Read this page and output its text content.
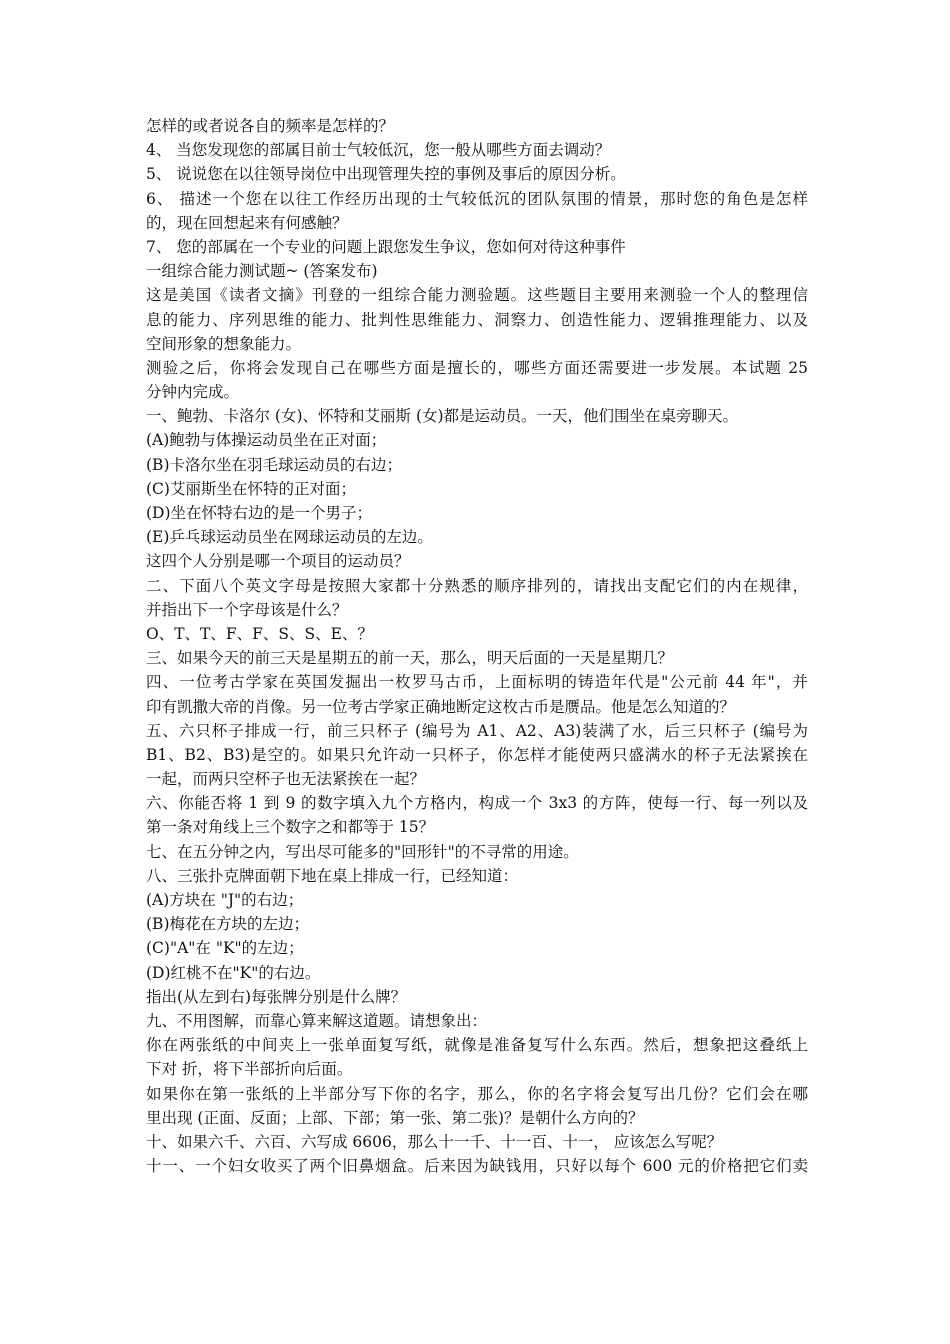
怎样的或者说各自的频率是怎样的？
4、 当您发现您的部属目前士气较低沉，您一般从哪些方面去调动？
5、 说说您在以往领导岗位中出现管理失控的事例及事后的原因分析。
6、 描述一个您在以往工作经历出现的士气较低沉的团队氛围的情景，那时您的角色是怎样
的，现在回想起来有何感触？
7、 您的部属在一个专业的问题上跟您发生争议，您如何对待这种事件
一组综合能力测试题~ (答案发布)
这是美国《读者文摘》刊登的一组综合能力测验题。这些题目主要用来测验一个人的整理信
息的能力、序列思维的能力、批判性思维能力、洞察力、创造性能力、逻辑推理能力、以及
空间形象的想象能力。
测验之后，你将会发现自己在哪些方面是擅长的，哪些方面还需要进一步发展。本试题 25
分钟内完成。
一、鲍勃、卡洛尔 (女)、怀特和艾丽斯 (女)都是运动员。一天，他们围坐在桌旁聊天。
(A)鲍勃与体操运动员坐在正对面；
(B)卡洛尔坐在羽毛球运动员的右边；
(C)艾丽斯坐在怀特的正对面；
(D)坐在怀特右边的是一个男子；
(E)乒乓球运动员坐在网球运动员的左边。
这四个人分别是哪一个项目的运动员？
二、下面八个英文字母是按照大家都十分熟悉的顺序排列的，请找出支配它们的内在规律，
并指出下一个字母该是什么？
O、T、T、F、F、S、S、E、？
三、如果今天的前三天是星期五的前一天，那么，明天后面的一天是星期几？
四、一位考古学家在英国发掘出一枚罗马古币，上面标明的铸造年代是"公元前 44 年"，并
印有凯撒大帝的肖像。另一位考古学家正确地断定这枚古币是赝品。他是怎么知道的？
五、六只杯子排成一行，前三只杯子 (编号为 A1、A2、A3)装满了水，后三只杯子 (编号为
B1、B2、B3)是空的。如果只允许动一只杯子，你怎样才能使两只盛满水的杯子无法紧挨在
一起，而两只空杯子也无法紧挨在一起？
六、你能否将 1 到 9 的数字填入九个方格内，构成一个 3x3 的方阵，使每一行、每一列以及
第一条对角线上三个数字之和都等于 15？
七、在五分钟之内，写出尽可能多的"回形针"的不寻常的用途。
八、三张扑克牌面朝下地在桌上排成一行，已经知道：
(A)方块在 "J"的右边；
(B)梅花在方块的左边；
(C)"A"在 "K"的左边；
(D)红桃不在"K"的右边。
指出(从左到右)每张牌分别是什么牌？
九、不用图解，而靠心算来解这道题。请想象出：
你在两张纸的中间夹上一张单面复写纸，就像是准备复写什么东西。然后，想象把这叠纸上
下对 折，将下半部折向后面。
如果你在第一张纸的上半部分写下你的名字，那么，你的名字将会复写出几份？它们会在哪
里出现 (正面、反面；上部、下部；第一张、第二张)？是朝什么方向的？
十、如果六千、六百、六写成 6606，那么十一千、十一百、十一， 应该怎么写呢？
十一、一个妇女收买了两个旧鼻烟盒。后来因为缺钱用，只好以每个 600 元的价格把它们卖
